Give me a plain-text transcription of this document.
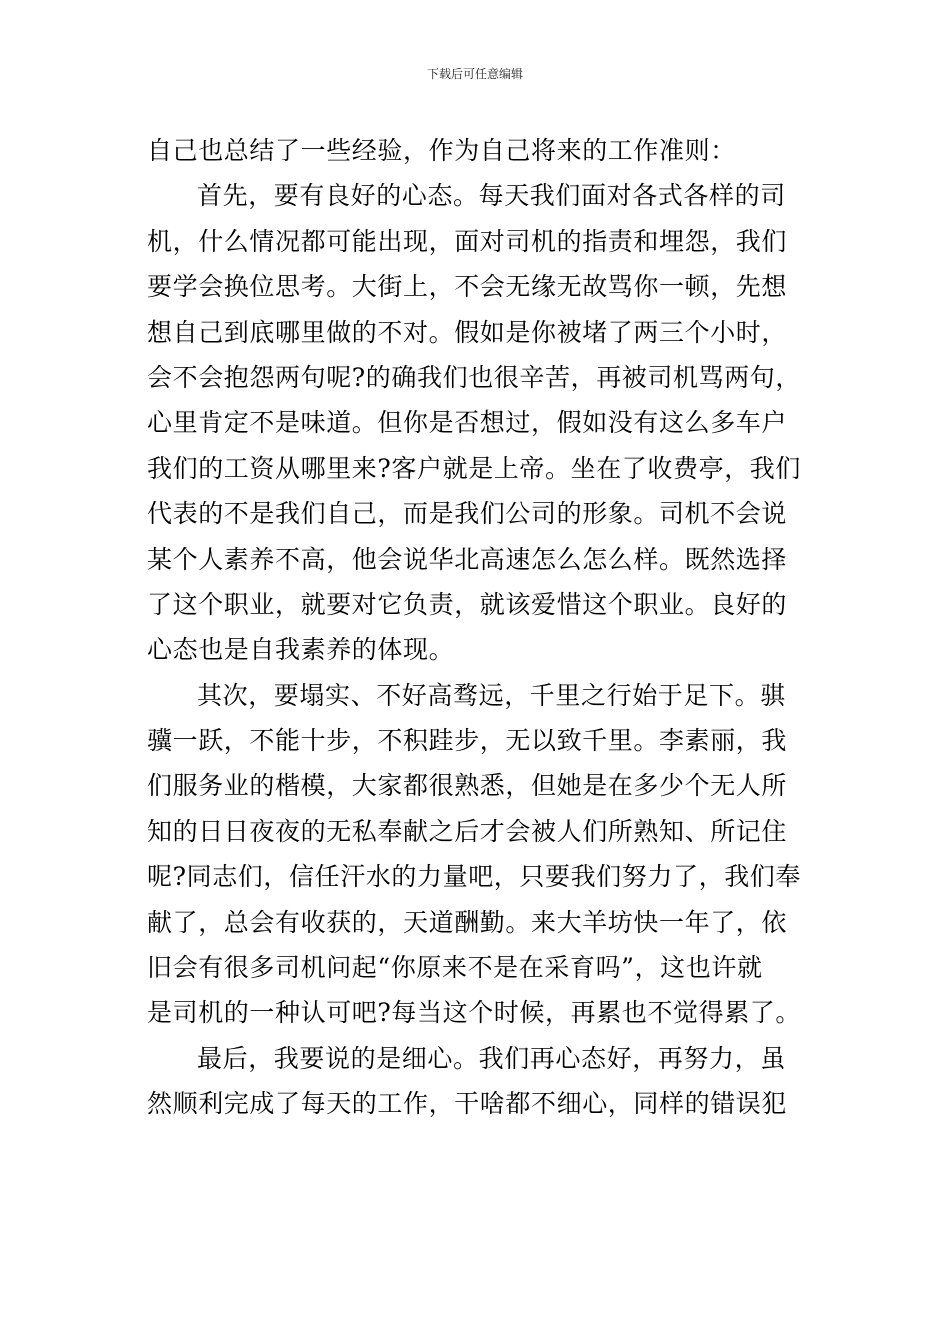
下载后可任意编辑
自己也总结了一些经验，作为自己将来的工作准则：
首先，要有良好的心态。每天我们面对各式各样的司
机，什么情况都可能出现，面对司机的指责和埋怨，我们
要学会换位思考。大街上，不会无缘无故骂你一顿，先想
想自己到底哪里做的不对。假如是你被堵了两三个小时，
会不会抱怨两句呢?的确我们也很辛苦，再被司机骂两句，
心里肯定不是味道。但你是否想过，假如没有这么多车户
我们的工资从哪里来?客户就是上帝。坐在了收费亭，我们
代表的不是我们自己，而是我们公司的形象。司机不会说
某个人素养不高，他会说华北高速怎么怎么样。既然选择
了这个职业，就要对它负责，就该爱惜这个职业。良好的
心态也是自我素养的体现。
其次，要塌实、不好高骛远，千里之行始于足下。骐
骥一跃，不能十步，不积跬步，无以致千里。李素丽，我
们服务业的楷模，大家都很熟悉，但她是在多少个无人所
知的日日夜夜的无私奉献之后才会被人们所熟知、所记住
呢?同志们，信任汗水的力量吧，只要我们努力了，我们奉
献了，总会有收获的，天道酬勤。来大羊坊快一年了，依
旧会有很多司机问起“你原来不是在采育吗”，这也许就
是司机的一种认可吧?每当这个时候，再累也不觉得累了。
最后，我要说的是细心。我们再心态好，再努力，虽
然顺利完成了每天的工作，干啥都不细心，同样的错误犯
